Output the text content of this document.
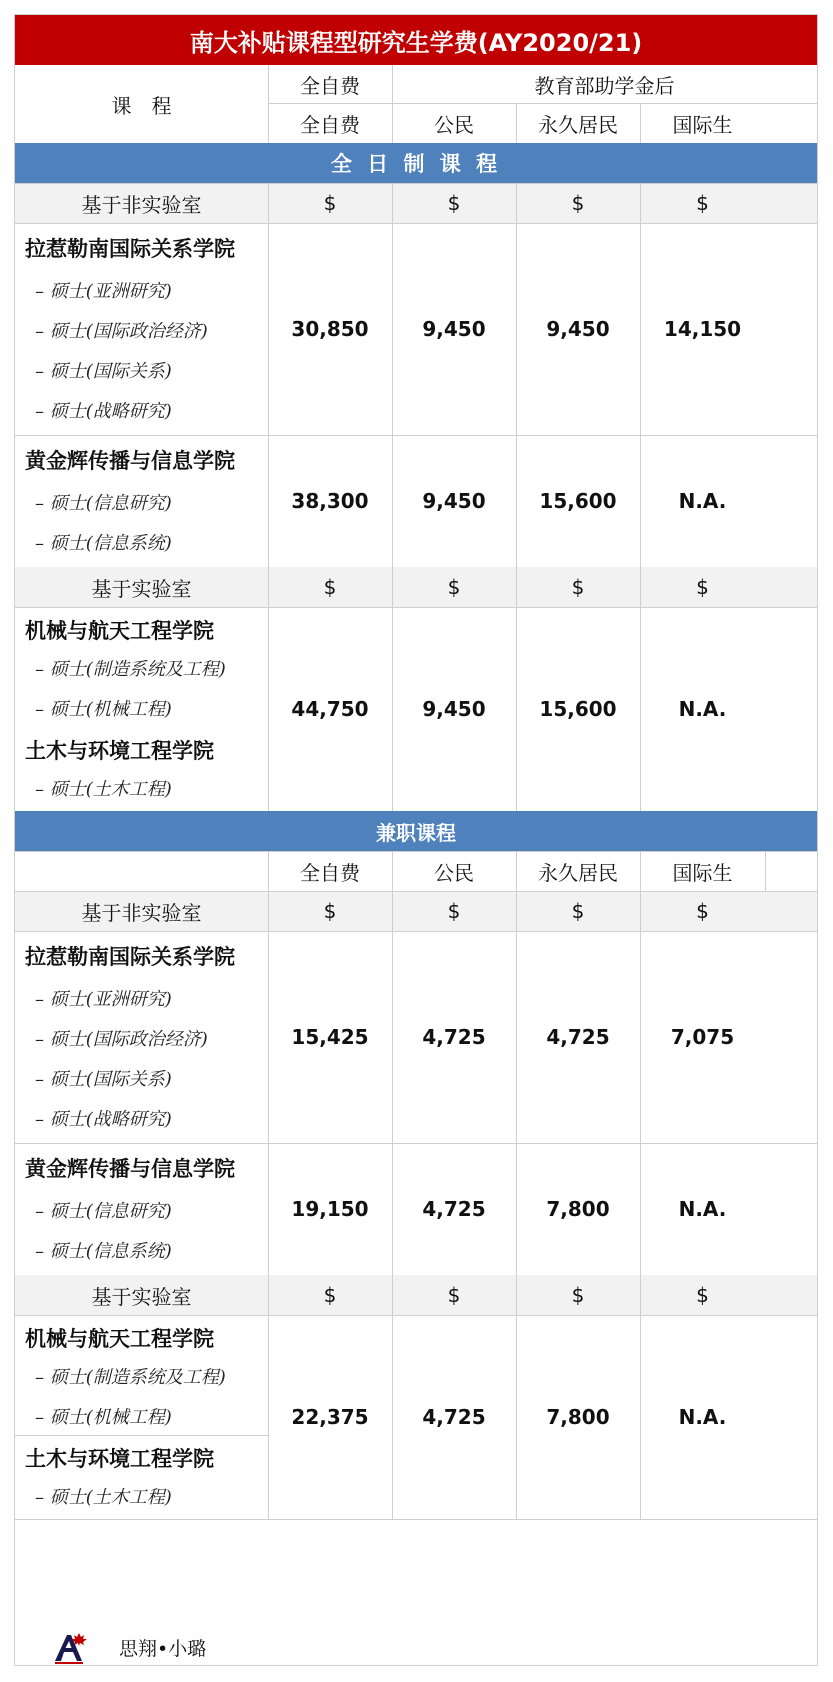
南大补贴课程型研究生学费(AY2020/21)
课　程
全自费	教育部助学金后
全自费	公民	永久居民	国际生
全 日 制 课 程
基于非实验室	$	$	$	$
拉惹勒南国际关系学院
– 硕士(亚洲研究)
– 硕士(国际政治经济)
– 硕士(国际关系)
– 硕士(战略研究)
30,850	9,450	9,450	14,150
黄金辉传播与信息学院
– 硕士(信息研究)
– 硕士(信息系统)
38,300	9,450	15,600	N.A.
基于实验室	$	$	$	$
机械与航天工程学院
– 硕士(制造系统及工程)
– 硕士(机械工程)
土木与环境工程学院
– 硕士(土木工程)
44,750	9,450	15,600	N.A.
兼职课程
全自费	公民	永久居民	国际生
基于非实验室	$	$	$	$
拉惹勒南国际关系学院
– 硕士(亚洲研究)
– 硕士(国际政治经济)
– 硕士(国际关系)
– 硕士(战略研究)
15,425	4,725	4,725	7,075
黄金辉传播与信息学院
– 硕士(信息研究)
– 硕士(信息系统)
19,150	4,725	7,800	N.A.
基于实验室	$	$	$	$
机械与航天工程学院
– 硕士(制造系统及工程)
– 硕士(机械工程)
土木与环境工程学院
– 硕士(土木工程)
22,375	4,725	7,800	N.A.
思翔•小璐
